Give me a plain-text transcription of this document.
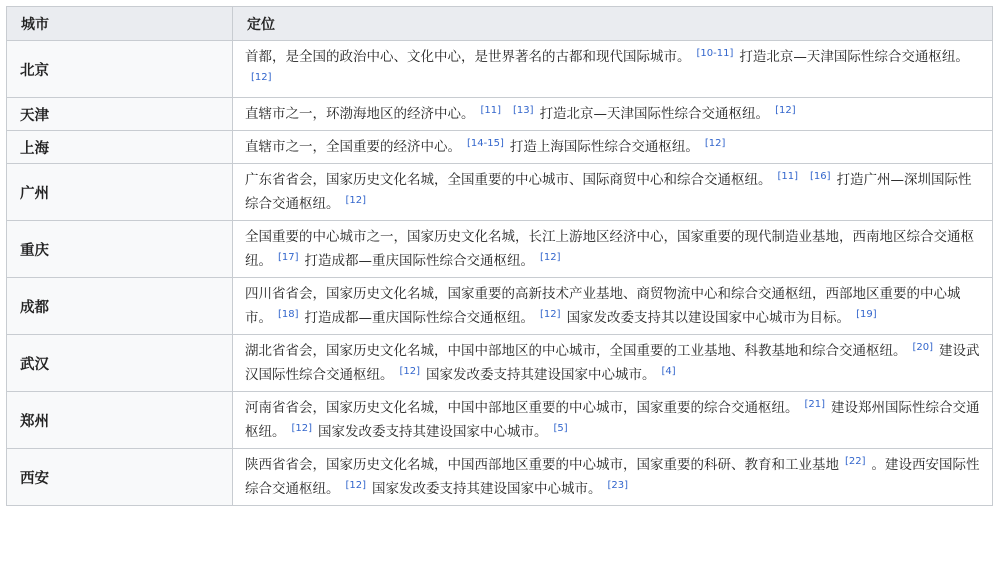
城市	定位
北京	首都，是全国的政治中心、文化中心，是世界著名的古都和现代国际城市。 [10-11] 打造北京—天津国际性综合交通枢纽。[12]
天津	直辖市之一，环渤海地区的经济中心。 [11] [13] 打造北京—天津国际性综合交通枢纽。 [12]
上海	直辖市之一，全国重要的经济中心。 [14-15] 打造上海国际性综合交通枢纽。 [12]
广州	广东省省会，国家历史文化名城，全国重要的中心城市、国际商贸中心和综合交通枢纽。 [11] [16] 打造广州—深圳国际性综合交通枢纽。 [12]
重庆	全国重要的中心城市之一，国家历史文化名城，长江上游地区经济中心，国家重要的现代制造业基地，西南地区综合交通枢纽。 [17] 打造成都—重庆国际性综合交通枢纽。 [12]
成都	四川省省会，国家历史文化名城，国家重要的高新技术产业基地、商贸物流中心和综合交通枢纽，西部地区重要的中心城市。 [18] 打造成都—重庆国际性综合交通枢纽。 [12] 国家发改委支持其以建设国家中心城市为目标。 [19]
武汉	湖北省省会，国家历史文化名城，中国中部地区的中心城市，全国重要的工业基地、科教基地和综合交通枢纽。 [20] 建设武汉国际性综合交通枢纽。 [12] 国家发改委支持其建设国家中心城市。 [4]
郑州	河南省省会，国家历史文化名城，中国中部地区重要的中心城市，国家重要的综合交通枢纽。 [21] 建设郑州国际性综合交通枢纽。 [12] 国家发改委支持其建设国家中心城市。 [5]
西安	陕西省省会，国家历史文化名城，中国西部地区重要的中心城市，国家重要的科研、教育和工业基地 [22] 。建设西安国际性综合交通枢纽。 [12] 国家发改委支持其建设国家中心城市。 [23]
